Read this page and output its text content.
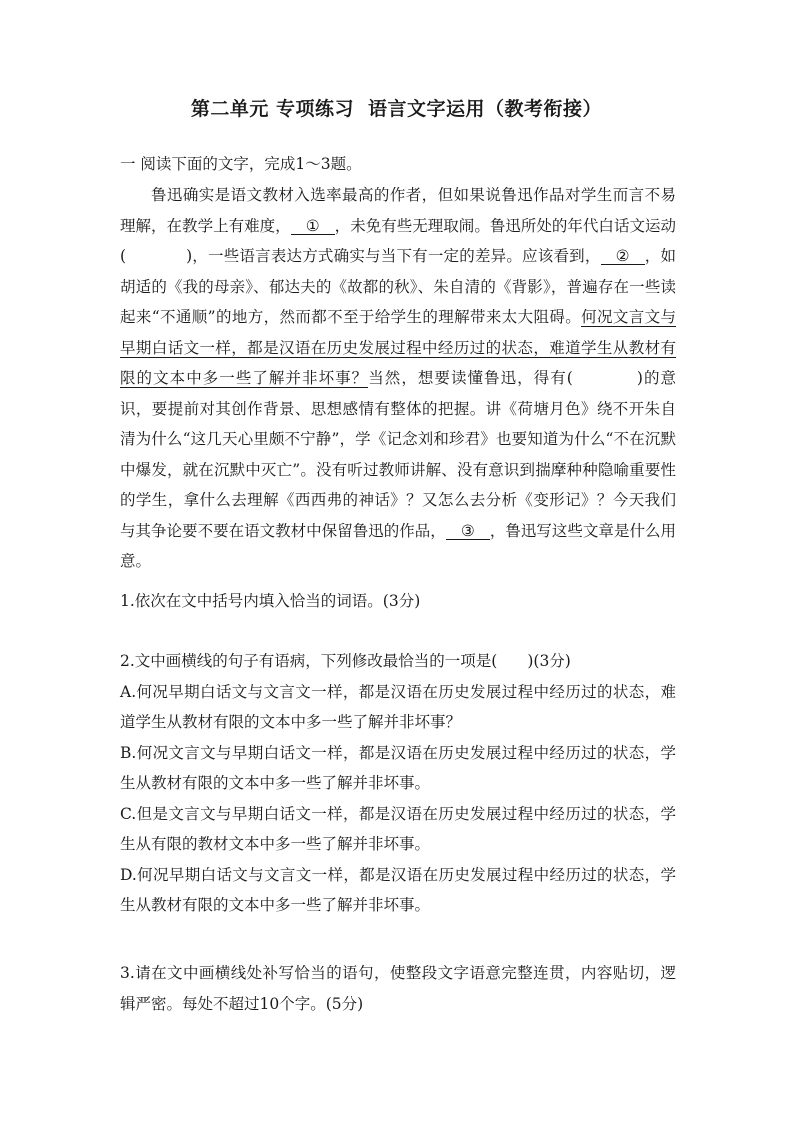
第二单元 专项练习 语言文字运用（教考衔接）
一 阅读下面的文字，完成1～3题。
鲁迅确实是语文教材入选率最高的作者，但如果说鲁迅作品对学生而言不易理解，在教学上有难度， ① ，未免有些无理取闹。鲁迅所处的年代白话文运动(	)，一些语言表达方式确实与当下有一定的差异。应该看到， ② ，如胡适的《我的母亲》、郁达夫的《故都的秋》、朱自清的《背影》，普遍存在一些读起来“不通顺”的地方，然而都不至于给学生的理解带来太大阻碍。何况文言文与早期白话文一样，都是汉语在历史发展过程中经历过的状态，难道学生从教材有限的文本中多一些了解并非坏事？当然，想要读懂鲁迅，得有(	)的意识，要提前对其创作背景、思想感情有整体的把握。讲《荷塘月色》绕不开朱自清为什么“这几天心里颇不宁静”，学《记念刘和珍君》也要知道为什么“不在沉默中爆发，就在沉默中灭亡”。没有听过教师讲解、没有意识到揣摩种种隐喻重要性的学生，拿什么去理解《西西弗的神话》？又怎么去分析《变形记》？今天我们与其争论要不要在语文教材中保留鲁迅的作品， ③ ，鲁迅写这些文章是什么用意。
1.依次在文中括号内填入恰当的词语。(3分)
2.文中画横线的句子有语病，下列修改最恰当的一项是( )(3分)
A.何况早期白话文与文言文一样，都是汉语在历史发展过程中经历过的状态，难道学生从教材有限的文本中多一些了解并非坏事？
B.何况文言文与早期白话文一样，都是汉语在历史发展过程中经历过的状态，学生从教材有限的文本中多一些了解并非坏事。
C.但是文言文与早期白话文一样，都是汉语在历史发展过程中经历过的状态，学生从有限的教材文本中多一些了解并非坏事。
D.何况早期白话文与文言文一样，都是汉语在历史发展过程中经历过的状态，学生从教材有限的文本中多一些了解并非坏事。
3.请在文中画横线处补写恰当的语句，使整段文字语意完整连贯，内容贴切，逻辑严密。每处不超过10个字。(5分)
